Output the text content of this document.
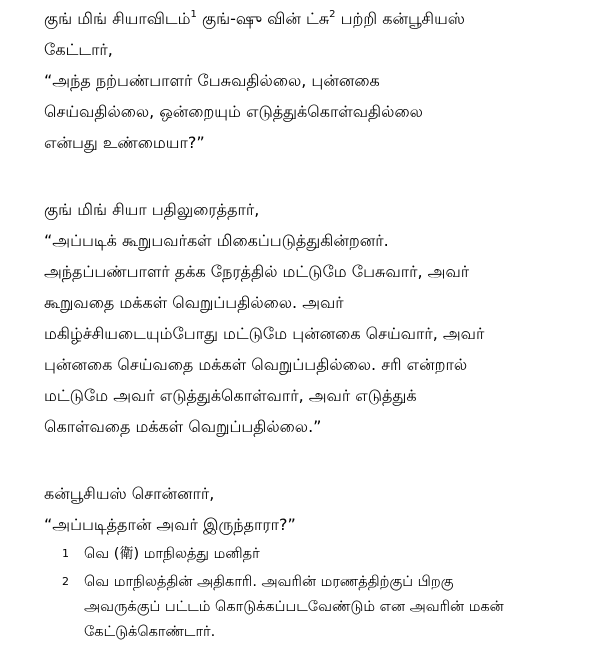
குங் மிங் சியாவிடம்$^1$ குங்-ஷு வின் ட்சு$^2$ பற்றி கன்பூசியஸ்
கேட்டார்,
“அந்த நற்பண்பாளர் பேசுவதில்லை, புன்னகை
செய்வதில்லை, ஒன்றையும் எடுத்துக்கொள்வதில்லை
என்பது உண்மையா?”
குங் மிங் சியா பதிலுரைத்தார்,
“அப்படிக் கூறுபவர்கள் மிகைப்படுத்துகின்றனர்.
அந்தப்பண்பாளர் தக்க நேரத்தில் மட்டுமே பேசுவார், அவர்
கூறுவதை மக்கள் வெறுப்பதில்லை. அவர்
மகிழ்ச்சியடையும்போது மட்டுமே புன்னகை செய்வார், அவர்
புன்னகை செய்வதை மக்கள் வெறுப்பதில்லை. சரி என்றால்
மட்டுமே அவர் எடுத்துக்கொள்வார், அவர் எடுத்துக்
கொள்வதை மக்கள் வெறுப்பதில்லை.”
கன்பூசியஸ் சொன்னார்,
“அப்படித்தான் அவர் இருந்தாரா?”
1 வெ (衛) மாநிலத்து மனிதர்
2 வெ மாநிலத்தின் அதிகாரி. அவரின் மரணத்திற்குப் பிறகு
அவருக்குப் பட்டம் கொடுக்கப்படவேண்டும் என அவரின் மகன்
கேட்டுக்கொண்டார்.
